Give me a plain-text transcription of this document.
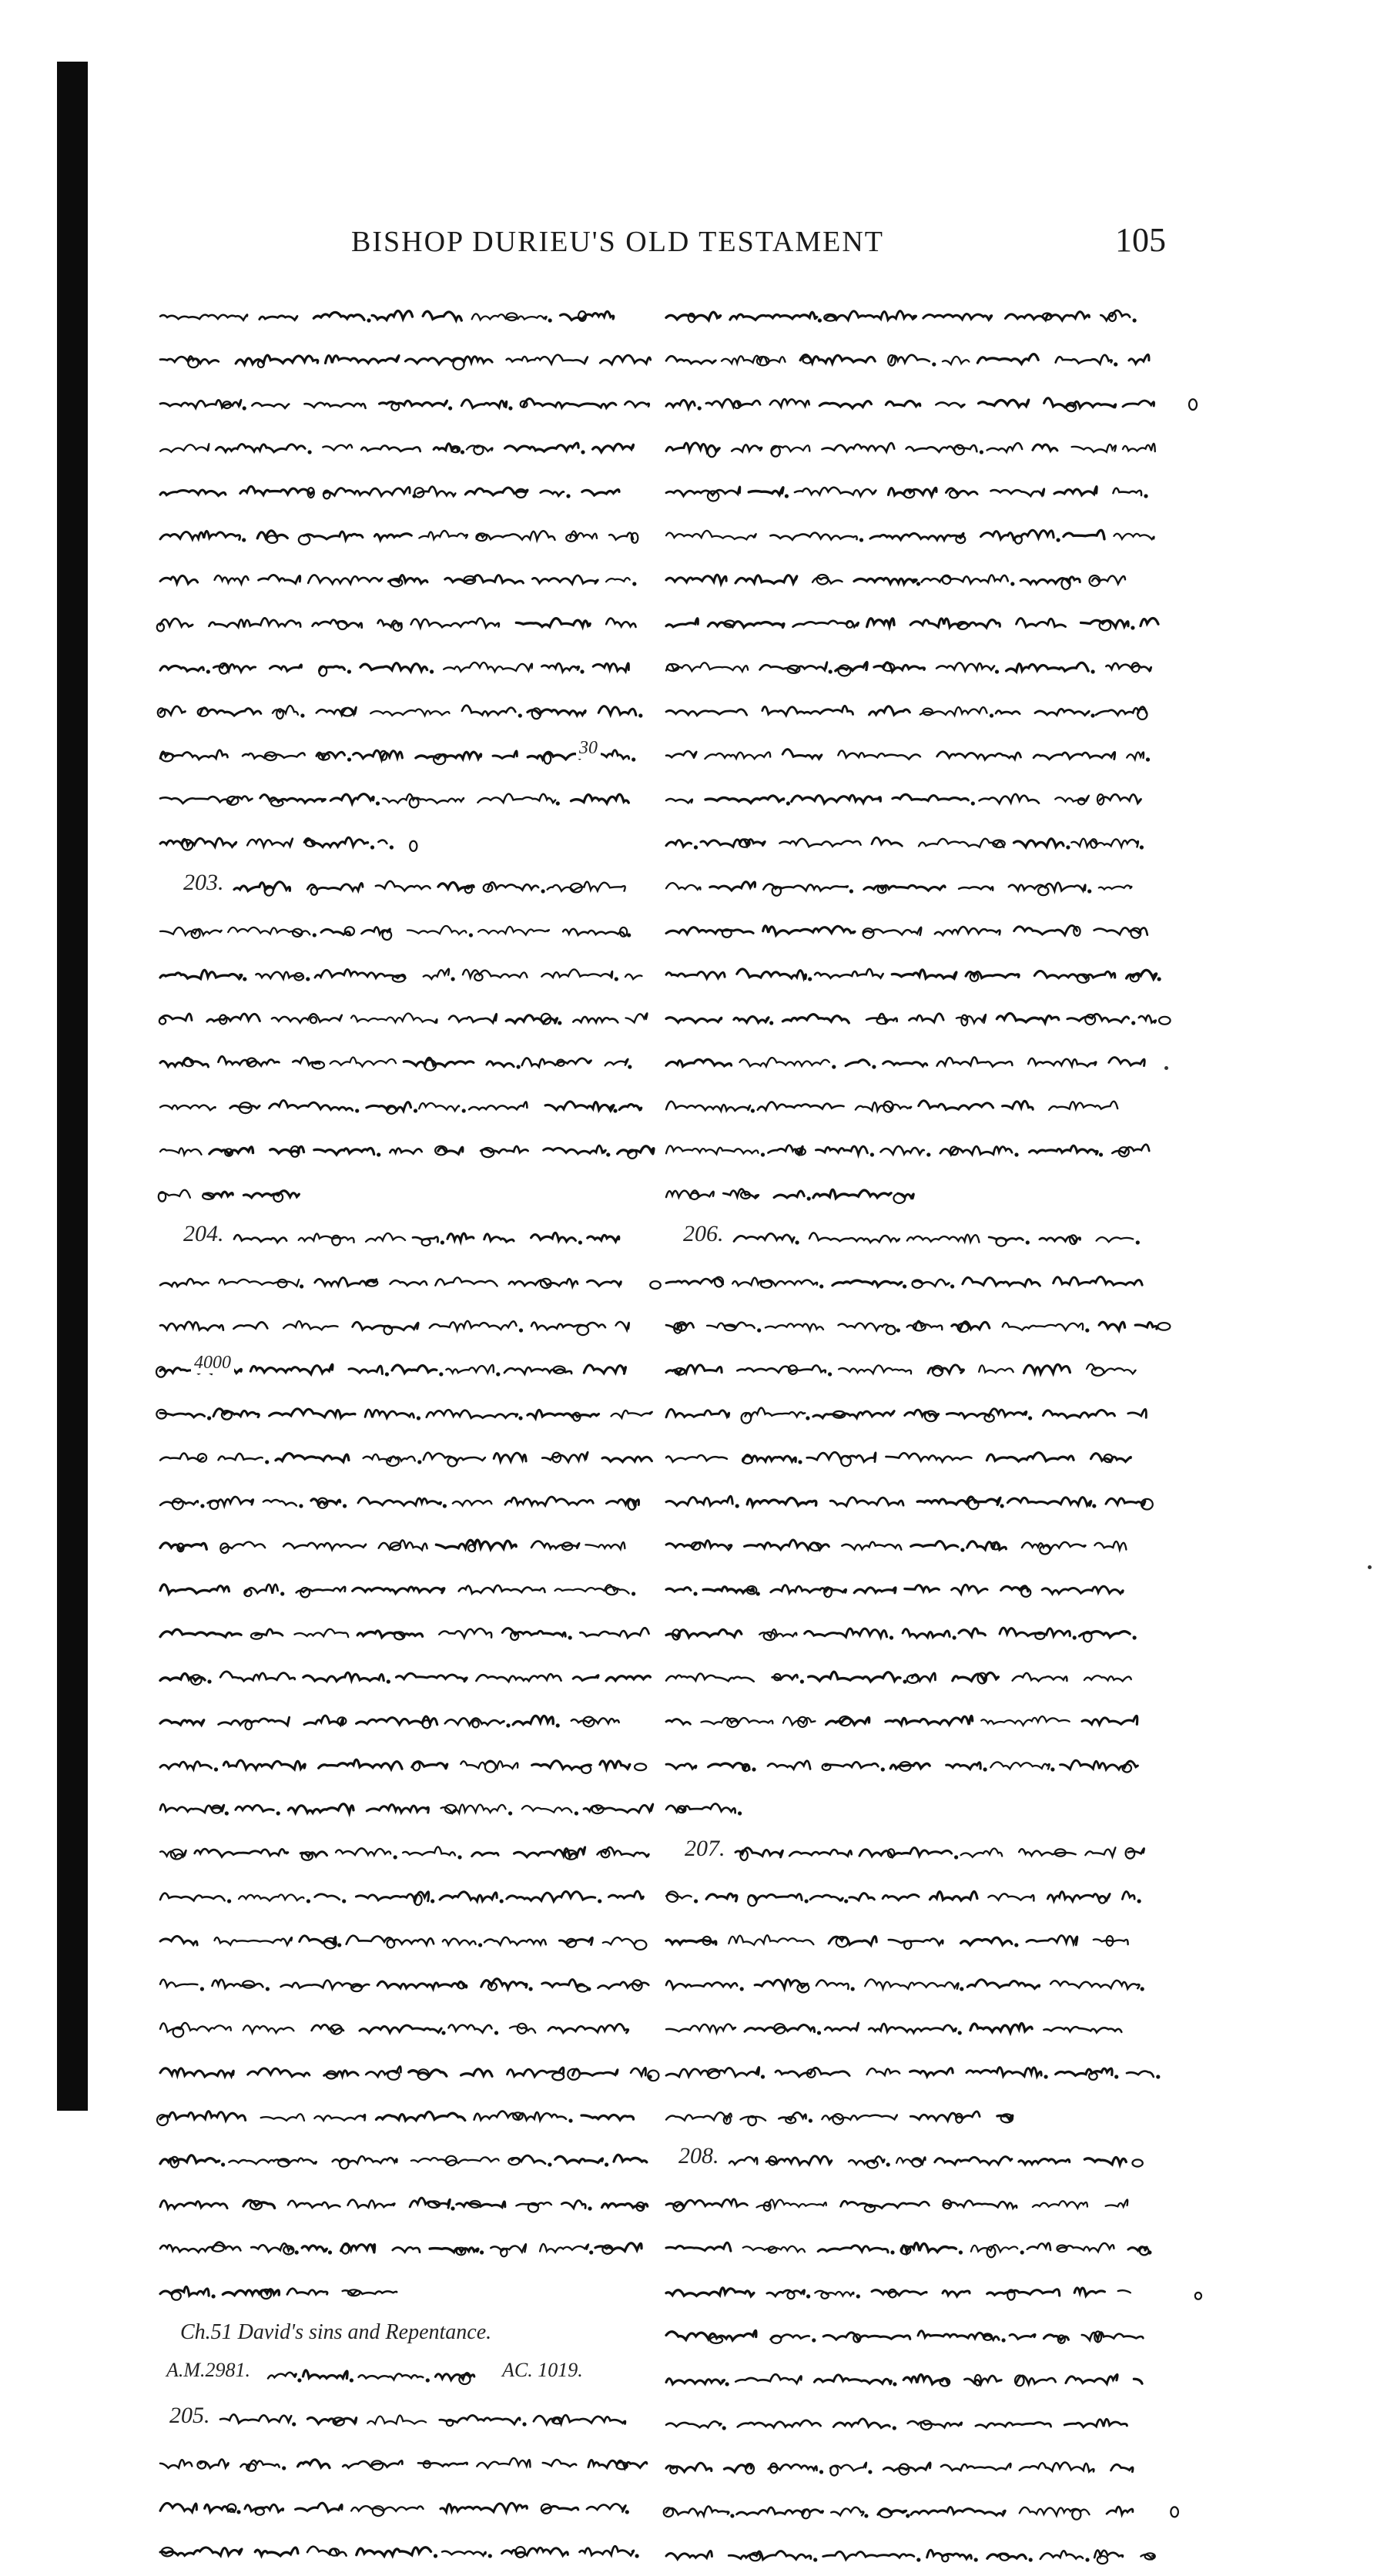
BISHOP DURIEU'S OLD TESTAMENT	105
30
203.
204.
4000
Ch.51 David's sins and Repentance.
A.M.2981.	AC. 1019.
205.
206.
207.
208.
